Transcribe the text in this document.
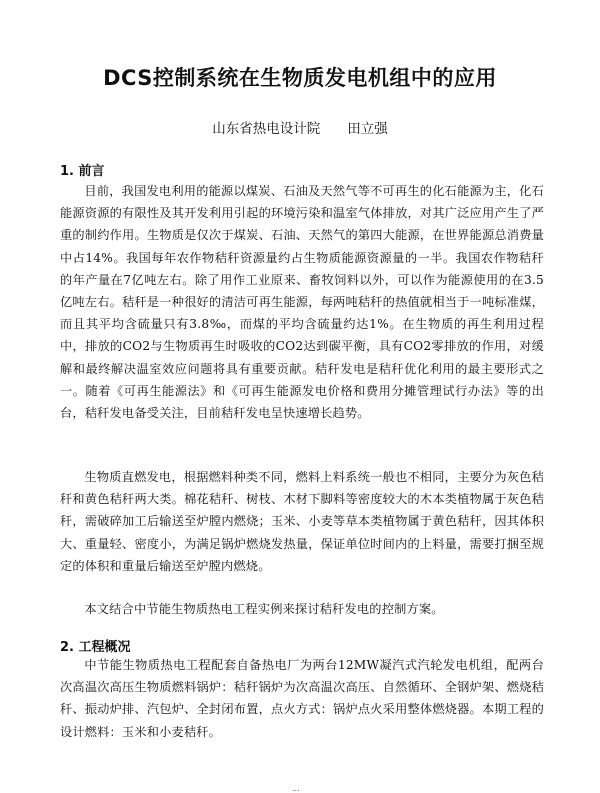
DCS控制系统在生物质发电机组中的应用
山东省热电设计院　　田立强
1. 前言
目前，我国发电利用的能源以煤炭、石油及天然气等不可再生的化石能源为主，化石能源资源的有限性及其开发利用引起的环境污染和温室气体排放，对其广泛应用产生了严重的制约作用。生物质是仅次于煤炭、石油、天然气的第四大能源，在世界能源总消费量中占14%。我国每年农作物秸秆资源量约占生物质能源资源量的一半。我国农作物秸秆的年产量在7亿吨左右。除了用作工业原来、畜牧饲料以外，可以作为能源使用的在3.5亿吨左右。秸秆是一种很好的清洁可再生能源，每两吨秸秆的热值就相当于一吨标准煤，而且其平均含硫量只有3.8‰，而煤的平均含硫量约达1%。在生物质的再生利用过程中，排放的CO2与生物质再生时吸收的CO2达到碳平衡，具有CO2零排放的作用，对缓解和最终解决温室效应问题将具有重要贡献。秸秆发电是秸秆优化利用的最主要形式之一。随着《可再生能源法》和《可再生能源发电价格和费用分摊管理试行办法》等的出台，秸秆发电备受关注，目前秸秆发电呈快速增长趋势。
生物质直燃发电，根据燃料种类不同，燃料上料系统一般也不相同，主要分为灰色秸秆和黄色秸秆两大类。棉花秸秆、树枝、木材下脚料等密度较大的木本类植物属于灰色秸秆，需破碎加工后输送至炉膛内燃烧；玉米、小麦等草本类植物属于黄色秸秆，因其体积大、重量轻、密度小，为满足锅炉燃烧发热量，保证单位时间内的上料量，需要打捆至规定的体积和重量后输送至炉膛内燃烧。
本文结合中节能生物质热电工程实例来探讨秸秆发电的控制方案。
2. 工程概况
中节能生物质热电工程配套自备热电厂为两台12MW凝汽式汽轮发电机组，配两台次高温次高压生物质燃料锅炉：秸秆锅炉为次高温次高压、自然循环、全钢炉架、燃烧秸秆、振动炉排、汽包炉、全封闭布置，点火方式：锅炉点火采用整体燃烧器。本期工程的设计燃料：玉米和小麦秸秆。
...
